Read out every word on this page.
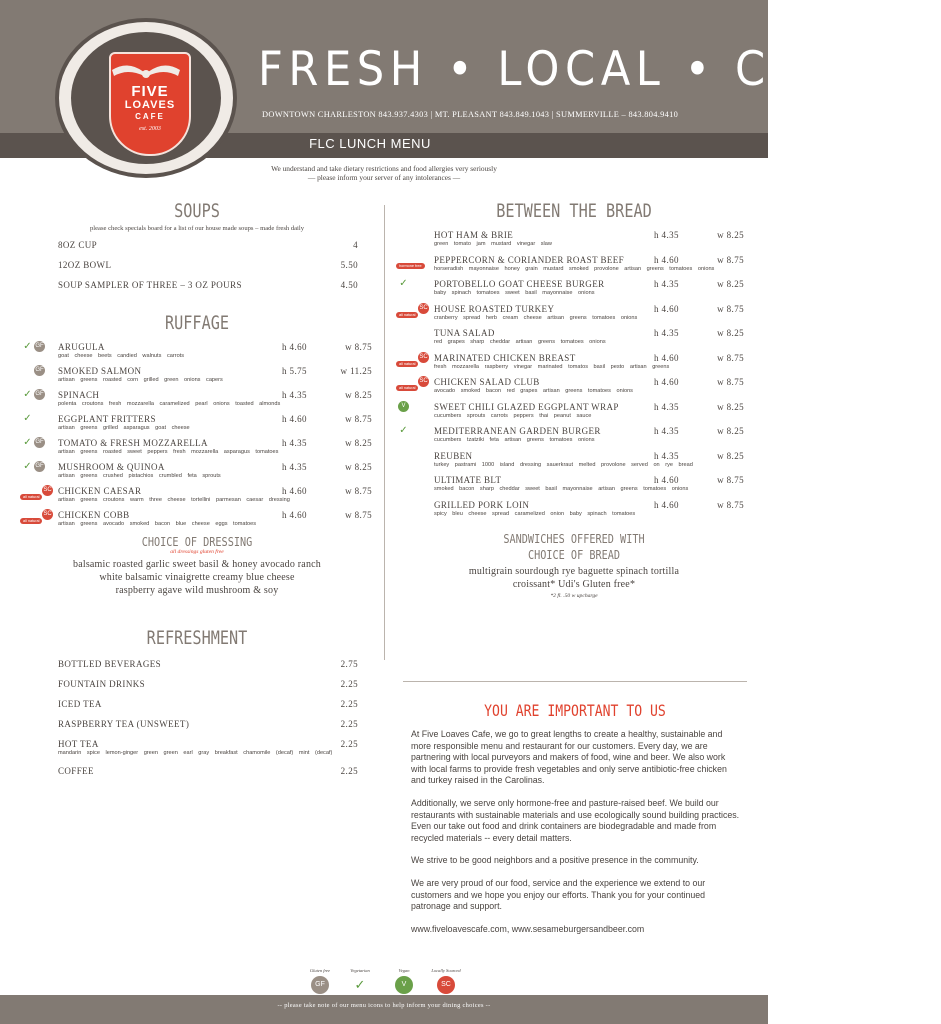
FIVE
LOAVES
CAFE
est. 2003
FRESH • LOCAL • CASUAL
DOWNTOWN CHARLESTON 843.937.4303 | MT. PLEASANT 843.849.1043 | SUMMERVILLE – 843.804.9410
FLC LUNCH MENU
We understand and take dietary restrictions and food allergies very seriously
— please inform your server of any intolerances —
SOUPS
please check specials board for a list of our house made soups – made fresh daily
8OZ CUP	4
12OZ BOWL	5.50
SOUP SAMPLER OF THREE – 3 OZ POURS	4.50
RUFFAGE
✓ GF ARUGULA	h 4.60	w 8.75
goat cheese beets candied walnuts carrots
GF SMOKED SALMON	h 5.75	w 11.25
artisan greens roasted corn grilled green onions capers
✓ GF SPINACH	h 4.35	w 8.25
polenta croutons fresh mozzarella caramelized pearl onions toasted almonds
✓	EGGPLANT FRITTERS	h 4.60	w 8.75
artisan greens grilled asparagus goat cheese
✓ GF TOMATO & FRESH MOZZARELLA	h 4.35	w 8.25
artisan greens roasted sweet peppers fresh mozzarella asparagus tomatoes
✓ GF MUSHROOM & QUINOA	h 4.35	w 8.25
artisan greens crushed pistachios crumbled feta sprouts
SC
all natural
CHICKEN CAESAR	h 4.60	w 8.75
artisan greens croutons warm three cheese tortellini parmesan caesar dressing
SC
all natural
CHICKEN COBB	h 4.60	w 8.75
artisan greens avocado smoked bacon blue cheese eggs tomatoes
CHOICE OF DRESSING
all dressings gluten free
balsamic roasted garlic sweet basil & honey avocado ranch
white balsamic vinaigrette creamy blue cheese
raspberry agave wild mushroom & soy
REFRESHMENT
BOTTLED BEVERAGES	2.75
FOUNTAIN DRINKS	2.25
ICED TEA	2.25
RASPBERRY TEA (UNSWEET)	2.25
HOT TEA	2.25
mandarin spice lemon-ginger green green earl gray breakfast chamomile (decaf) mint (decaf)
COFFEE	2.25
BETWEEN THE BREAD
HOT HAM & BRIE	h 4.35	w 8.25
green tomato jam mustard vinegar slaw
hormone free
PEPPERCORN & CORIANDER ROAST BEEF	h 4.60	w 8.75
horseradish mayonnaise honey grain mustard smoked provolone artisan greens tomatoes onions
✓	PORTOBELLO GOAT CHEESE BURGER	h 4.35	w 8.25
baby spinach tomatoes sweet basil mayonnaise onions
SC
all natural
HOUSE ROASTED TURKEY	h 4.60	w 8.75
cranberry spread herb cream cheese artisan greens tomatoes onions
TUNA SALAD	h 4.35	w 8.25
red grapes sharp cheddar artisan greens tomatoes onions
SC
all natural
MARINATED CHICKEN BREAST	h 4.60	w 8.75
fresh mozzarella raspberry vinegar marinated tomatos basil pesto artisan greens
SC
all natural
CHICKEN SALAD CLUB	h 4.60	w 8.75
avocado smoked bacon red grapes artisan greens tomatoes onions
V	SWEET CHILI GLAZED EGGPLANT WRAP	h 4.35	w 8.25
cucumbers sprouts carrots peppers thai peanut sauce
✓	MEDITERRANEAN GARDEN BURGER	h 4.35	w 8.25
cucumbers tzatziki feta artisan greens tomatoes onions
REUBEN	h 4.35	w 8.25
turkey pastrami 1000 island dressing sauerkraut melted provolone served on rye bread
ULTIMATE BLT	h 4.60	w 8.75
smoked bacon sharp cheddar sweet basil mayonnaise artisan greens tomatoes onions
GRILLED PORK LOIN	h 4.60	w 8.75
spicy bleu cheese spread caramelized onion baby spinach tomatoes
SANDWICHES OFFERED WITH
CHOICE OF BREAD
multigrain sourdough rye baguette spinach tortilla
croissant* Udi's Gluten free*
*2 fl. .50 w upcharge
YOU ARE IMPORTANT TO US

At Five Loaves Cafe, we go to great lengths to create a healthy, sustainable and more responsible menu and restaurant for our customers. Every day, we are partnering with local purveyors and makers of food, wine and beer. We also work with local farms to provide fresh vegetables and only serve antibiotic-free chicken and turkey raised in the Carolinas.

Additionally, we serve only hormone-free and pasture-raised beef. We build our restaurants with sustainable materials and use ecologically sound building practices. Even our take out food and drink containers are biodegradable and made from recycled materials -- every detail matters.

We strive to be good neighbors and a positive presence in the community.

We are very proud of our food, service and the experience we extend to our customers and we hope you enjoy our efforts. Thank you for your continued patronage and support.

www.fiveloavescafe.com, www.sesameburgersandbeer.com

Gluten free
GF
Vegetarian
✓
Vegan
V
Locally Sourced
SC
-- please take note of our menu icons to help inform your dining choices --
